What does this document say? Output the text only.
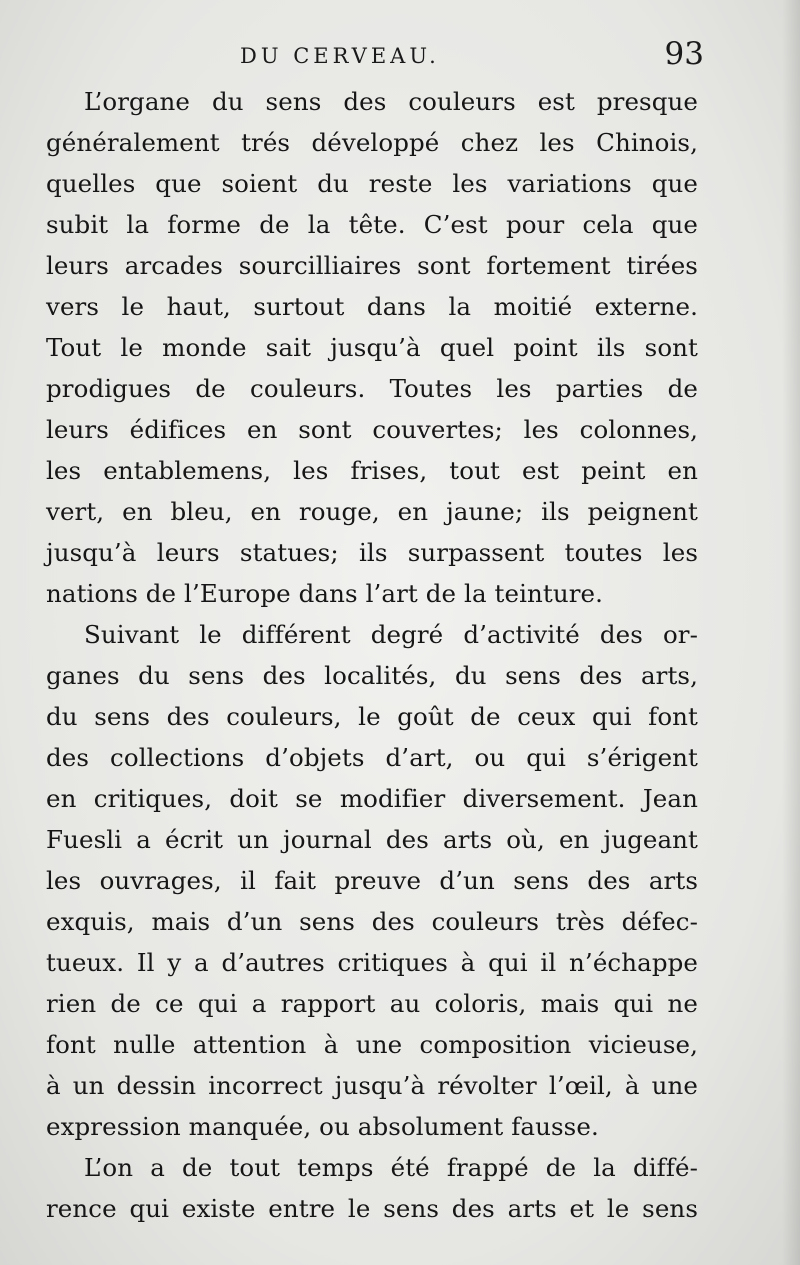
DU CERVEAU.	93
L’organe du sens des couleurs est presque
généralement trés développé chez les Chinois,
quelles que soient du reste les variations que
subit la forme de la tête. C’est pour cela que
leurs arcades sourcilliaires sont fortement tirées
vers le haut, surtout dans la moitié externe.
Tout le monde sait jusqu’à quel point ils sont
prodigues de couleurs. Toutes les parties de
leurs édifices en sont couvertes; les colonnes,
les entablemens, les frises, tout est peint en
vert, en bleu, en rouge, en jaune; ils peignent
jusqu’à leurs statues; ils surpassent toutes les
nations de l’Europe dans l’art de la teinture.
Suivant le différent degré d’activité des or-
ganes du sens des localités, du sens des arts,
du sens des couleurs, le goût de ceux qui font
des collections d’objets d’art, ou qui s’érigent
en critiques, doit se modifier diversement. Jean
Fuesli a écrit un journal des arts où, en jugeant
les ouvrages, il fait preuve d’un sens des arts
exquis, mais d’un sens des couleurs très défec-
tueux. Il y a d’autres critiques à qui il n’échappe
rien de ce qui a rapport au coloris, mais qui ne
font nulle attention à une composition vicieuse,
à un dessin incorrect jusqu’à révolter l’œil, à une
expression manquée, ou absolument fausse.
L’on a de tout temps été frappé de la diffé-
rence qui existe entre le sens des arts et le sens
